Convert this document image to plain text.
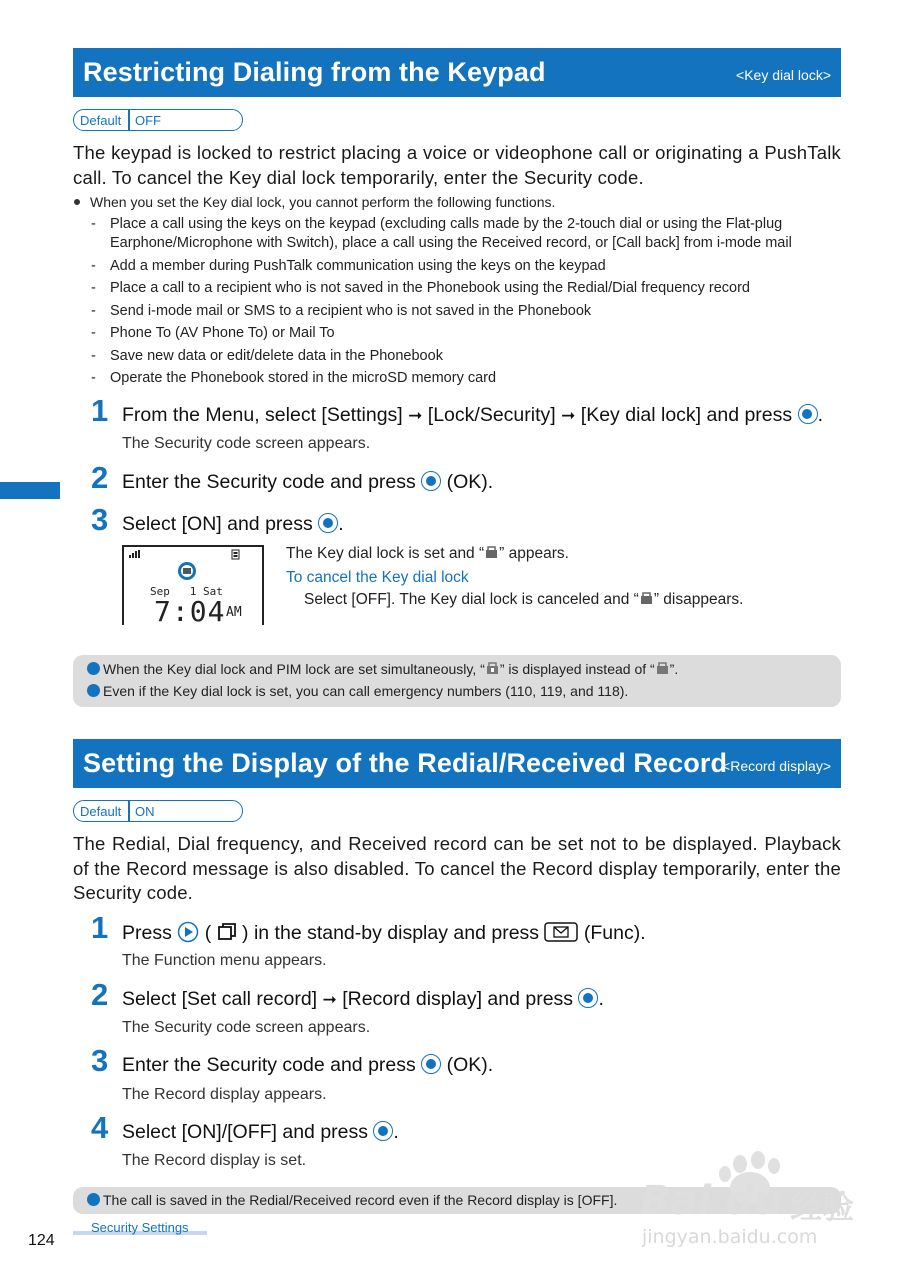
Restricting Dialing from the Keypad	<Key dial lock>
Default OFF
The keypad is locked to restrict placing a voice or videophone call or originating a PushTalk call. To cancel the Key dial lock temporarily, enter the Security code.
When you set the Key dial lock, you cannot perform the following functions.
- Place a call using the keys on the keypad (excluding calls made by the 2-touch dial or using the Flat-plug Earphone/Microphone with Switch), place a call using the Received record, or [Call back] from i-mode mail
- Add a member during PushTalk communication using the keys on the keypad
- Place a call to a recipient who is not saved in the Phonebook using the Redial/Dial frequency record
- Send i-mode mail or SMS to a recipient who is not saved in the Phonebook
- Phone To (AV Phone To) or Mail To
- Save new data or edit/delete data in the Phonebook
- Operate the Phonebook stored in the microSD memory card
1 From the Menu, select [Settings] ➞ [Lock/Security] ➞ [Key dial lock] and press .
The Security code screen appears.
2 Enter the Security code and press (OK).
3 Select [ON] and press .
Sep   1 Sat
7:04 AM
The Key dial lock is set and “ ” appears.
To cancel the Key dial lock
Select [OFF]. The Key dial lock is canceled and “ ” disappears.
When the Key dial lock and PIM lock are set simultaneously, “ ” is displayed instead of “ ”.
Even if the Key dial lock is set, you can call emergency numbers (110, 119, and 118).
Setting the Display of the Redial/Received Record
<Record display>
Default ON
The Redial, Dial frequency, and Received record can be set not to be displayed. Playback of the Record message is also disabled. To cancel the Record display temporarily, enter the Security code.
1 Press ( ) in the stand-by display and press (Func).
The Function menu appears.
2 Select [Set call record] ➞ [Record display] and press .
The Security code screen appears.
3 Enter the Security code and press (OK).
The Record display appears.
4 Select [ON]/[OFF] and press .
The Record display is set.
The call is saved in the Redial/Received record even if the Record display is [OFF].
Security Settings
124
Bai du 经验
jingyan.baidu.com
